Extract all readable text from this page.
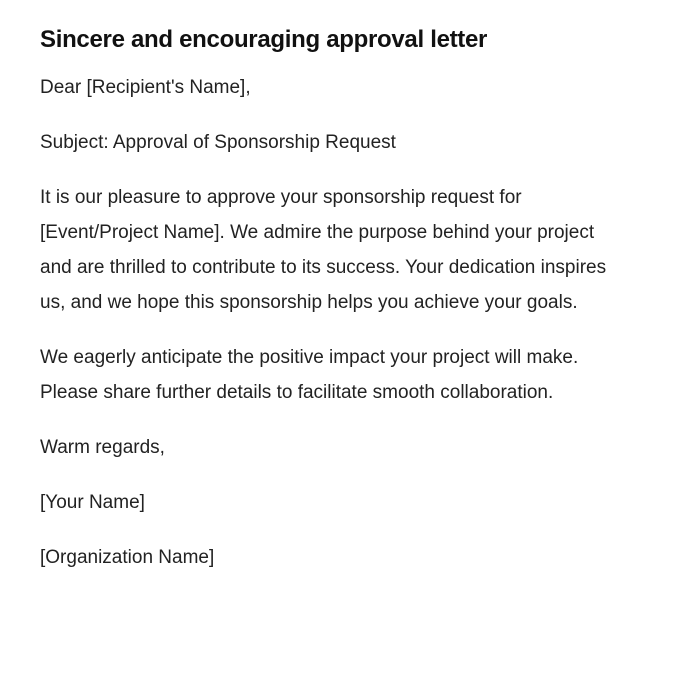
Sincere and encouraging approval letter

Dear [Recipient's Name],

Subject: Approval of Sponsorship Request

It is our pleasure to approve your sponsorship request for [Event/Project Name]. We admire the purpose behind your project and are thrilled to contribute to its success. Your dedication inspires us, and we hope this sponsorship helps you achieve your goals.

We eagerly anticipate the positive impact your project will make. Please share further details to facilitate smooth collaboration.

Warm regards,

[Your Name]

[Organization Name]
